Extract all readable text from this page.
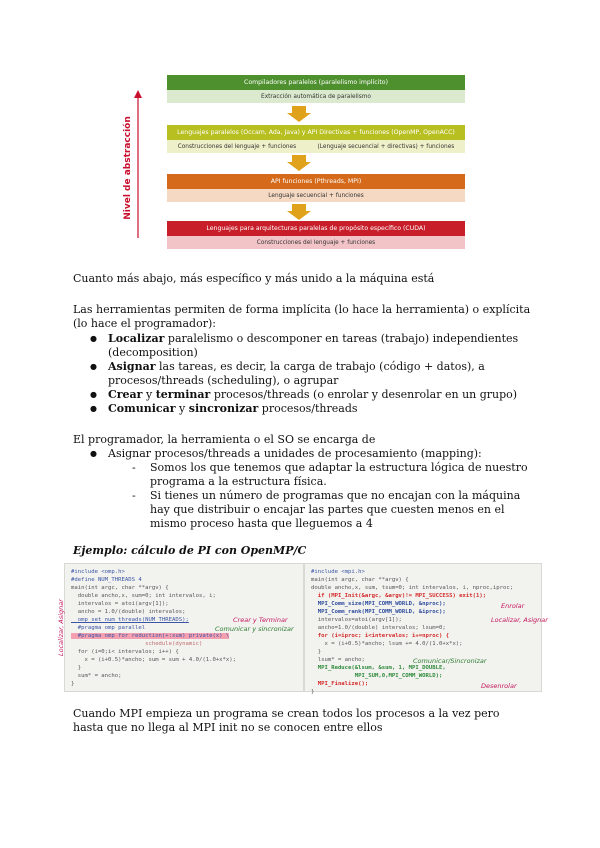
Nivel de abstracción
Compiladores paralelos (paralelismo implícito)
Extracción automática de paralelismo
Lenguajes paralelos (Occam, Ada, Java) y API Directivas + funciones (OpenMP, OpenACC)
Construcciones del lenguaje + funciones	(Lenguaje secuencial + directivas) + funciones
API funciones (Pthreads, MPI)
Lenguaje secuencial + funciones
Lenguajes para arquitecturas paralelas de propósito específico (CUDA)
Construcciones del lenguaje + funciones
Cuanto más abajo, más específico y más unido a la máquina está
Las herramientas permiten de forma implícita (lo hace la herramienta) o explícita (lo hace el programador):
● Localizar paralelismo o descomponer en tareas (trabajo) independientes (decomposition)
● Asignar las tareas, es decir, la carga de trabajo (código + datos), a procesos/threads (scheduling), o agrupar
● Crear y terminar procesos/threads (o enrolar y desenrolar en un grupo)
● Comunicar y sincronizar procesos/threads
El programador, la herramienta o el SO se encarga de
● Asignar procesos/threads a unidades de procesamiento (mapping):
- Somos los que tenemos que adaptar la estructura lógica de nuestro programa a la estructura física.
- Si tienes un número de programas que no encajan con la máquina hay que distribuir o encajar las partes que cuesten menos en el mismo proceso hasta que lleguemos a 4
Ejemplo: cálculo de PI con OpenMP/C
#include <omp.h>
#define NUM_THREADS 4
main(int argc, char **argv) {
double ancho,x, sum=0; int intervalos, i;
intervalos = atoi(argv[1]);
ancho = 1.0/(double) intervalos;
omp_set_num_threads(NUM_THREADS);
#pragma omp parallel
#pragma omp for reduction(+:sum) private(x) \
schedule(dynamic)
for (i=0;i< intervalos; i++) {
x = (i+0.5)*ancho; sum = sum + 4.0/(1.0+x*x);
}
sum* = ancho;
}
Crear y Terminar
Comunicar y sincronizar
Localizar, Asignar
#include <mpi.h>
main(int argc, char **argv) {
double ancho,x, sum, tsum=0; int intervalos, i, nproc,iproc;
if (MPI_Init(&argc, &argv)!= MPI_SUCCESS) exit(1);
MPI_Comm_size(MPI_COMM_WORLD, &nproc);
MPI_Comm_rank(MPI_COMM_WORLD, &iproc);
intervalos=atoi(argv[1]);
ancho=1.0/(double) intervalos; lsum=0;
for (i=iproc; i<intervalos; i+=nproc) {
x = (i+0.5)*ancho; lsum += 4.0/(1.0+x*x);
}
lsum* = ancho;
MPI_Reduce(&lsum, &sum, 1, MPI_DOUBLE,
MPI_SUM,0,MPI_COMM_WORLD);
MPI_Finalize();
}
Enrolar
Localizar, Asignar
Comunicar/Sincronizar
Desenrolar
Cuando MPI empieza un programa se crean todos los procesos a la vez pero hasta que no llega al MPI init no se conocen entre ellos
